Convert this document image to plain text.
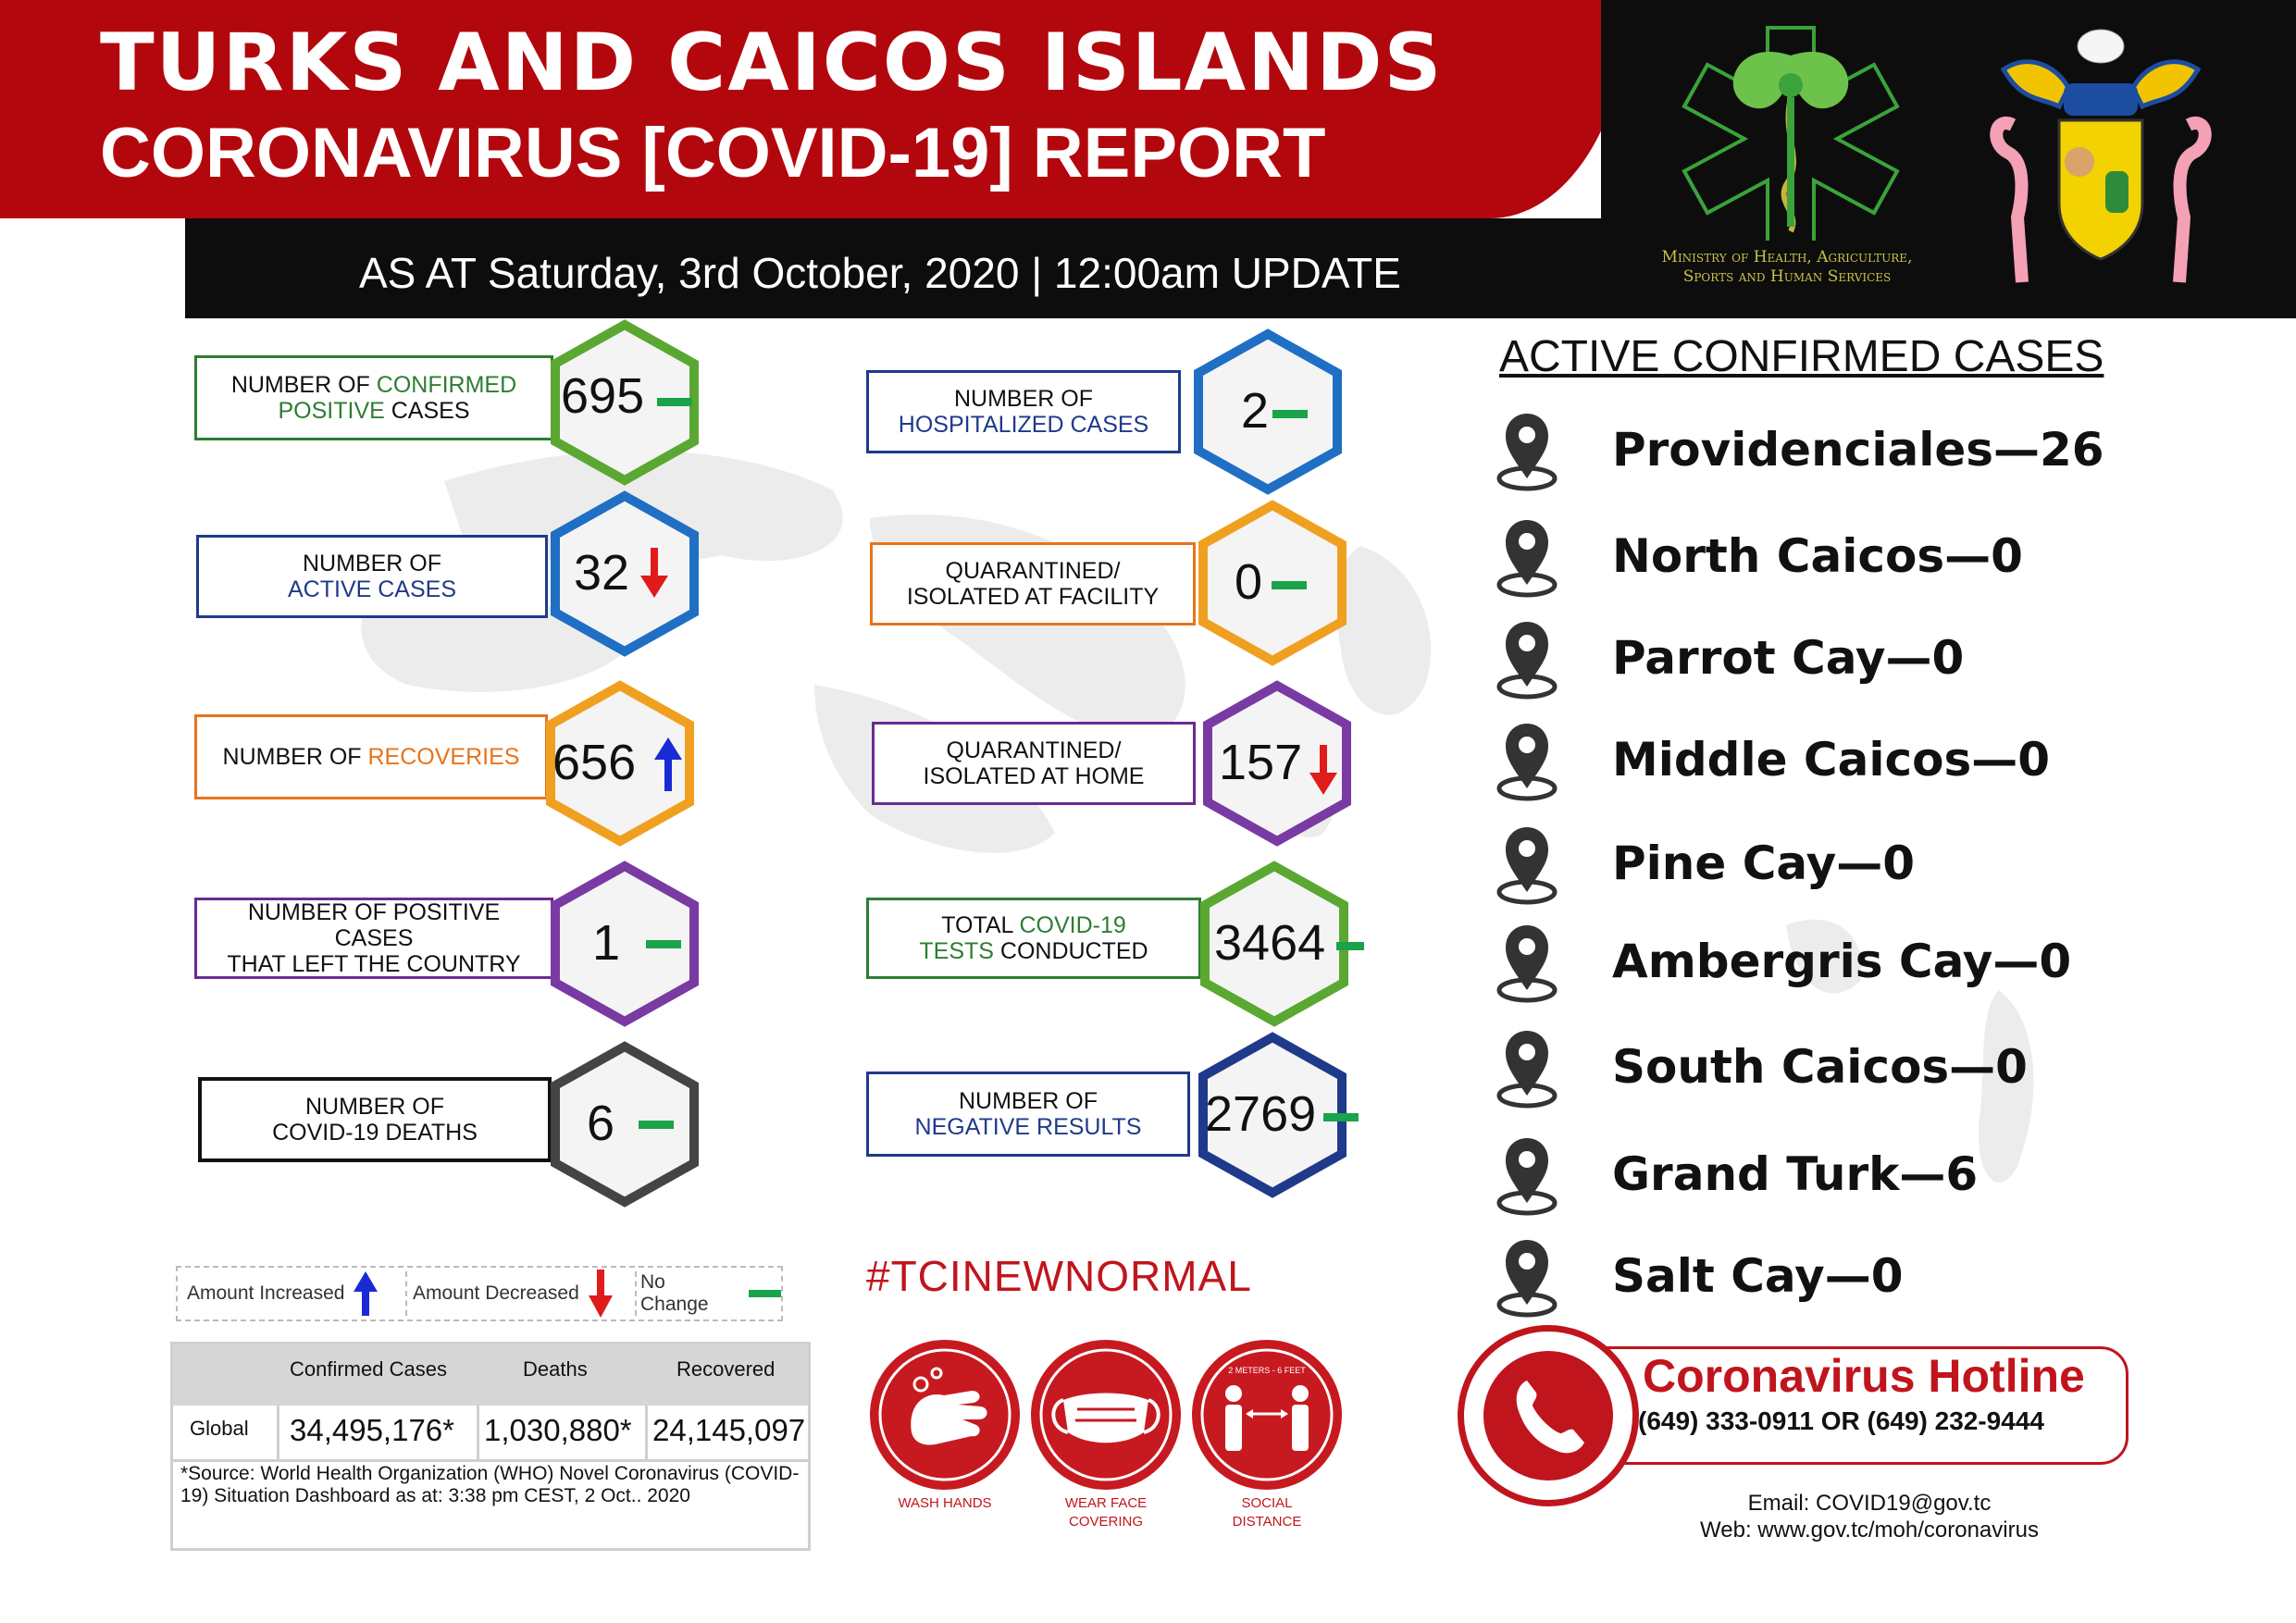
TURKS AND CAICOS ISLANDS
CORONAVIRUS [COVID-19] REPORT
AS AT Saturday, 3rd October, 2020 | 12:00am UPDATE	Ministry of Health, Agriculture,
Sports and Human Services
NUMBER OF CONFIRMED
POSITIVE CASES	695
NUMBER OF
ACTIVE CASES 32
NUMBER OF RECOVERIES 656
NUMBER OF POSITIVE CASES
THAT LEFT THE COUNTRY	1
NUMBER OF
COVID-19 DEATHS 6
NUMBER OF
HOSPITALIZED CASES 2
QUARANTINED/
ISOLATED AT FACILITY 0
QUARANTINED/
ISOLATED AT HOME 157
TOTAL COVID-19
TESTS CONDUCTED 3464
NUMBER OF
NEGATIVE RESULTS 2769
ACTIVE CONFIRMED CASES
Providenciales—26
North Caicos—0
Parrot Cay—0
Middle Caicos—0
Pine Cay—0
Ambergris Cay—0
South Caicos—0
Grand Turk—6
Salt Cay—0
Amount Increased	Amount Decreased
No Change
Confirmed Cases	Deaths	Recovered
Global 34,495,176* 1,030,880* 24,145,097
*Source: World Health Organization (WHO) Novel Coronavirus (COVID-19) Situation Dashboard as at: 3:38 pm CEST, 2 Oct.. 2020
#TCINEWNORMAL
2 METERS - 6 FEET
WASH HANDS	WEAR FACE
COVERING
SOCIAL
DISTANCE
Coronavirus Hotline
(649) 333-0911 OR (649) 232-9444
Email: COVID19@gov.tc
Web: www.gov.tc/moh/coronavirus
